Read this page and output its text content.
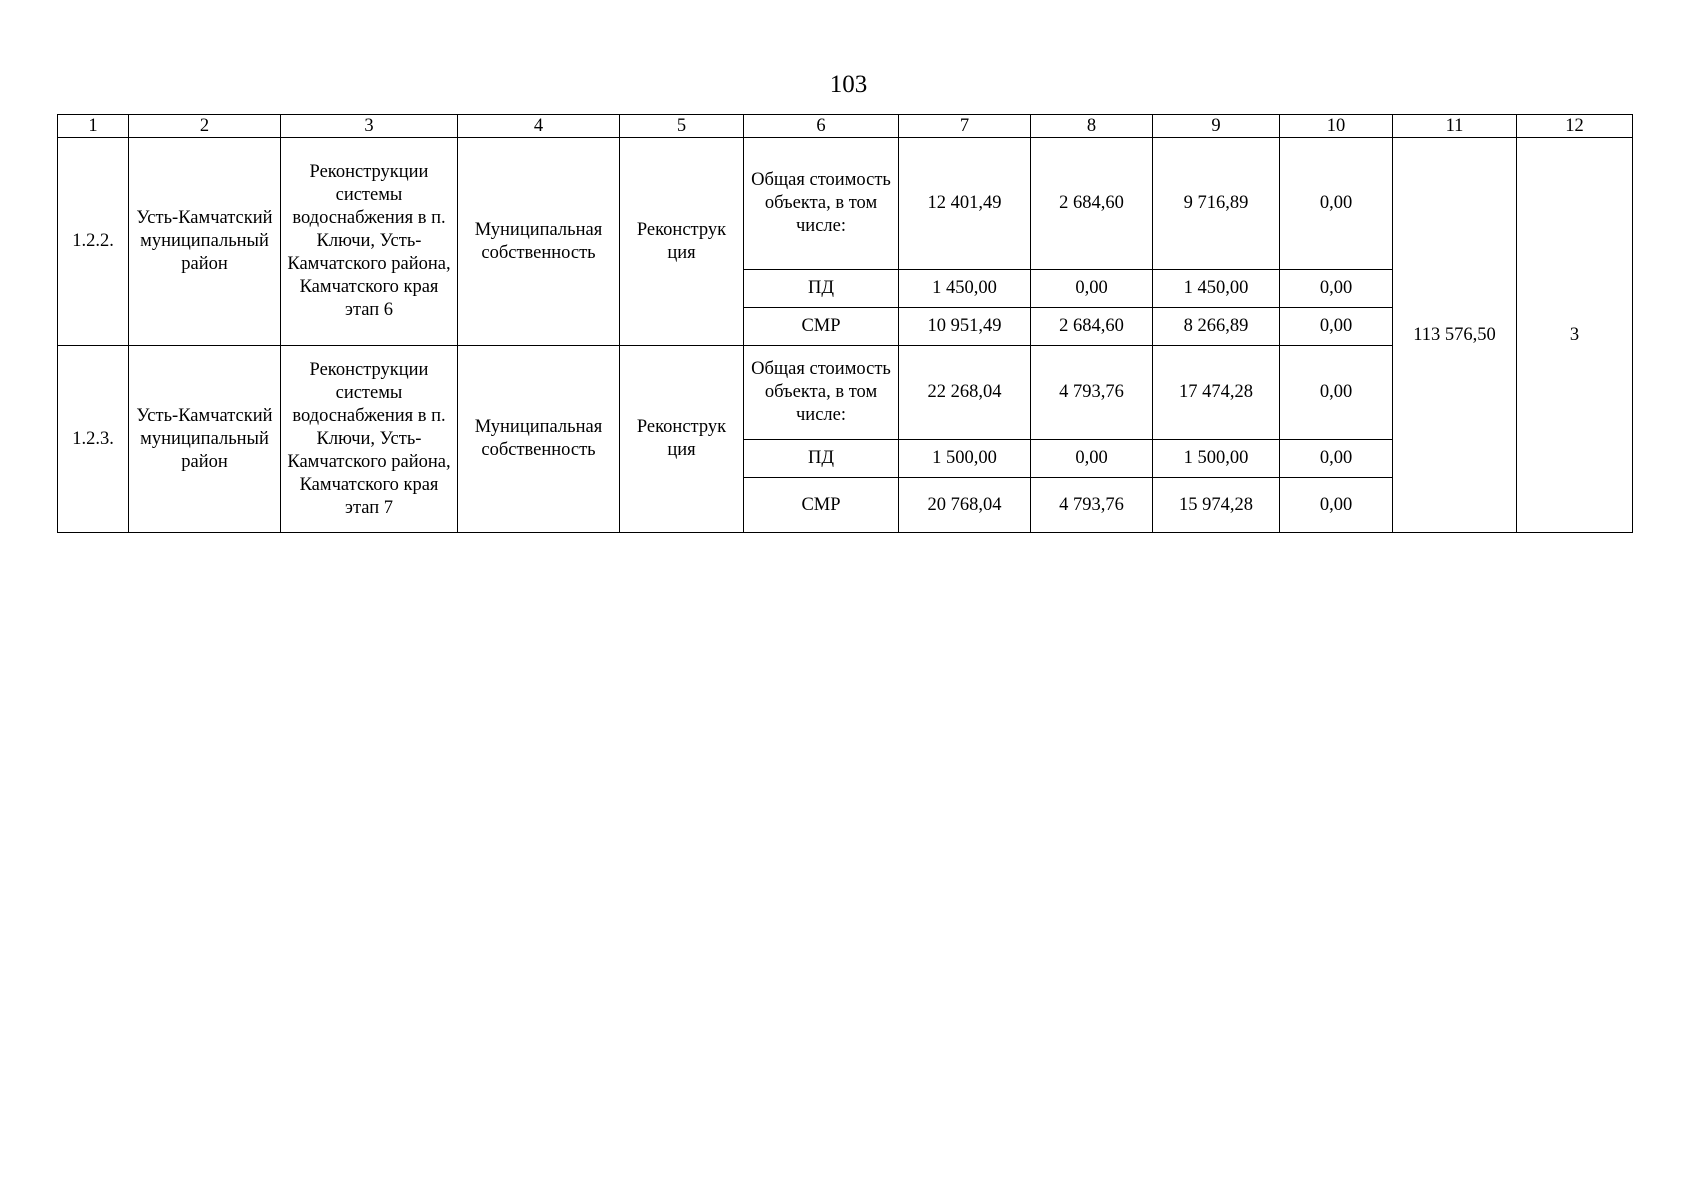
103
1	2	3	4	5	6	7	8	9	10	11	12
1.2.2.	Усть-Камчатский муниципальный район	Реконструкции системы водоснабжения в п. Ключи, Усть-Камчатского района, Камчатского края этап 6	Муниципальная собственность	Реконструк ция	Общая стоимость объекта, в том числе:	12 401,49	2 684,60	9 716,89	0,00	113 576,50	3
					ПД	1 450,00	0,00	1 450,00	0,00		
					СМР	10 951,49	2 684,60	8 266,89	0,00		
1.2.3.	Усть-Камчатский муниципальный район	Реконструкции системы водоснабжения в п. Ключи, Усть-Камчатского района, Камчатского края этап 7	Муниципальная собственность	Реконструк ция	Общая стоимость объекта, в том числе:	22 268,04	4 793,76	17 474,28	0,00		
					ПД	1 500,00	0,00	1 500,00	0,00		
					СМР	20 768,04	4 793,76	15 974,28	0,00		
